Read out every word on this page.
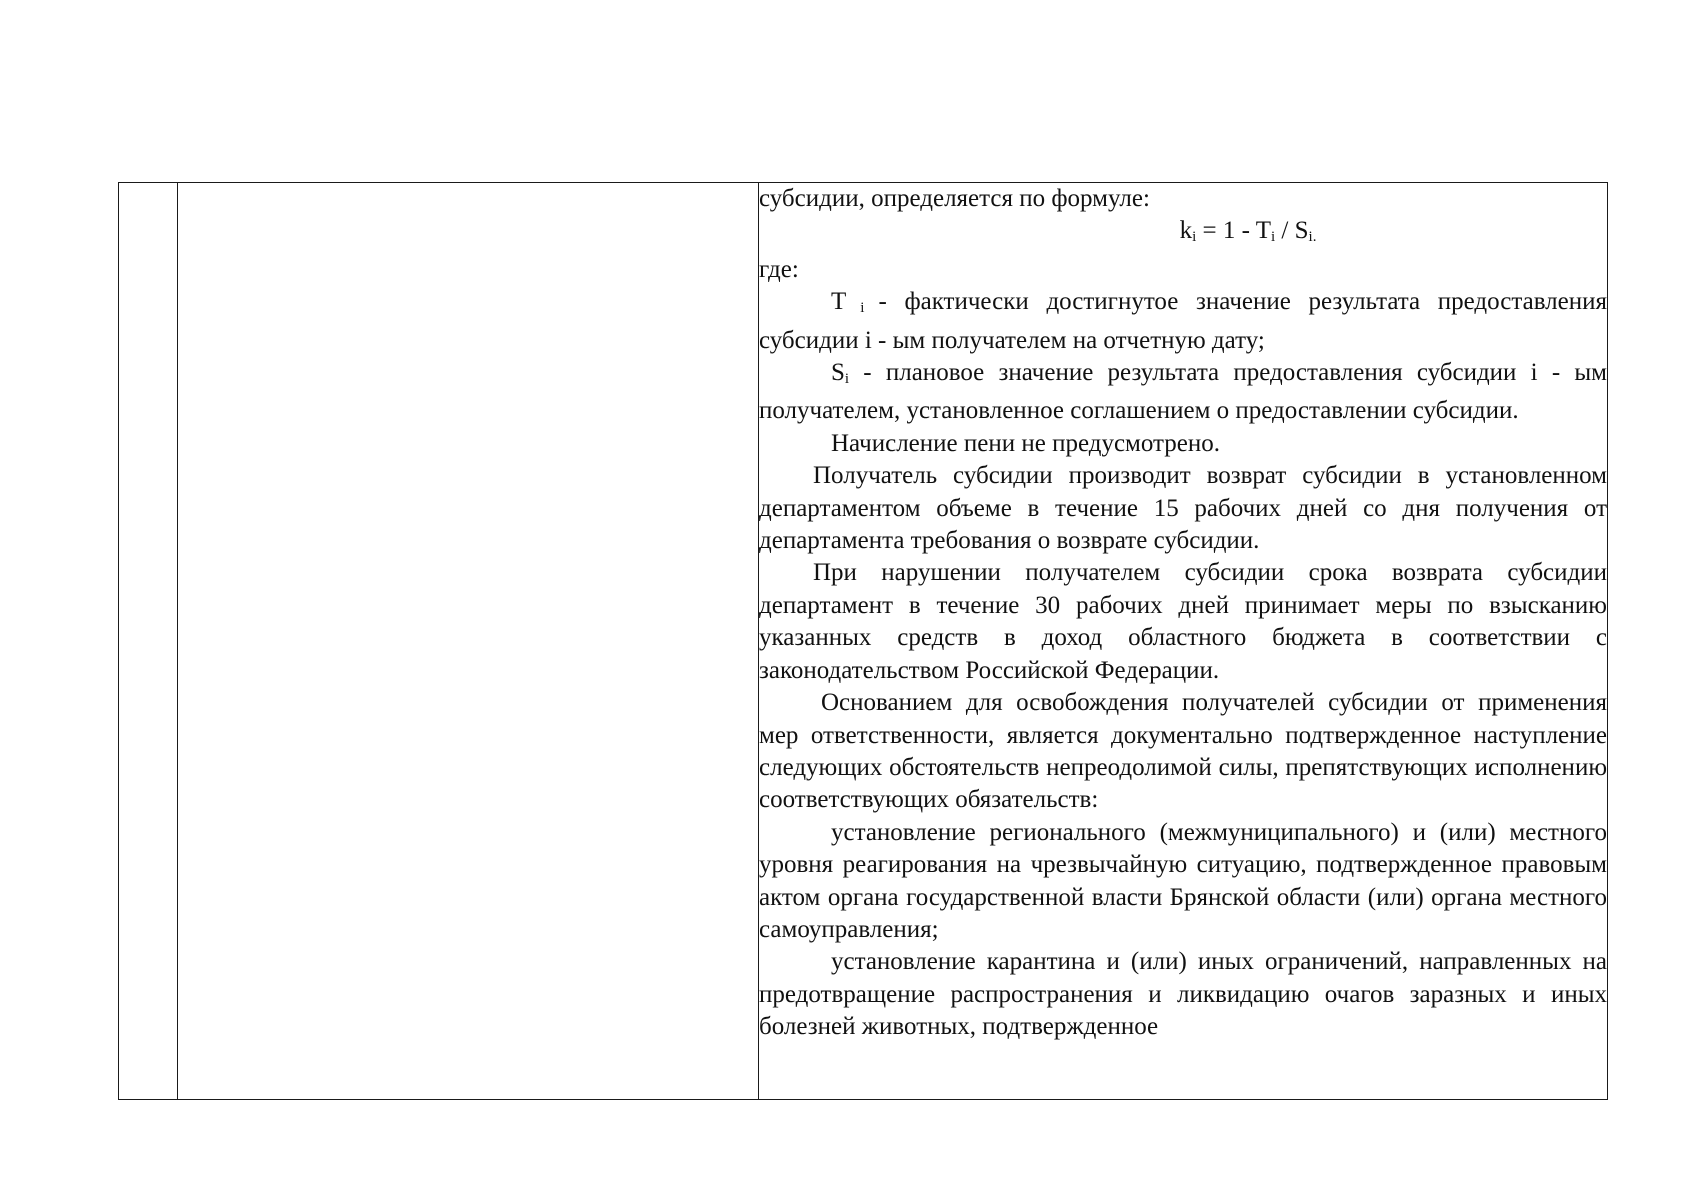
субсидии, определяется по формуле:

$k_i = 1 - T_i / S_{i.}$

где:

T $_i$ - фактически достигнутое значение результата предоставления субсидии i - ым получателем на отчетную дату;

$S_i$ - плановое значение результата предоставления субсидии i - ым получателем, установленное соглашением о предоставлении субсидии.

Начисление пени не предусмотрено.

Получатель субсидии производит возврат субсидии в установленном департаментом объеме в течение 15 рабочих дней со дня получения от департамента требования о возврате субсидии.

При нарушении получателем субсидии срока возврата субсидии департамент в течение 30 рабочих дней принимает меры по взысканию указанных средств в доход областного бюджета в соответствии с законодательством Российской Федерации.

Основанием для освобождения получателей субсидии от применения мер ответственности, является документально подтвержденное наступление следующих обстоятельств непреодолимой силы, препятствующих исполнению соответствующих обязательств:

установление регионального (межмуниципального) и (или) местного уровня реагирования на чрезвычайную ситуацию, подтвержденное правовым актом органа государственной власти Брянской области (или) органа местного самоуправления;

установление карантина и (или) иных ограничений, направленных на предотвращение распространения и ликвидацию очагов заразных и иных болезней животных, подтвержденное
